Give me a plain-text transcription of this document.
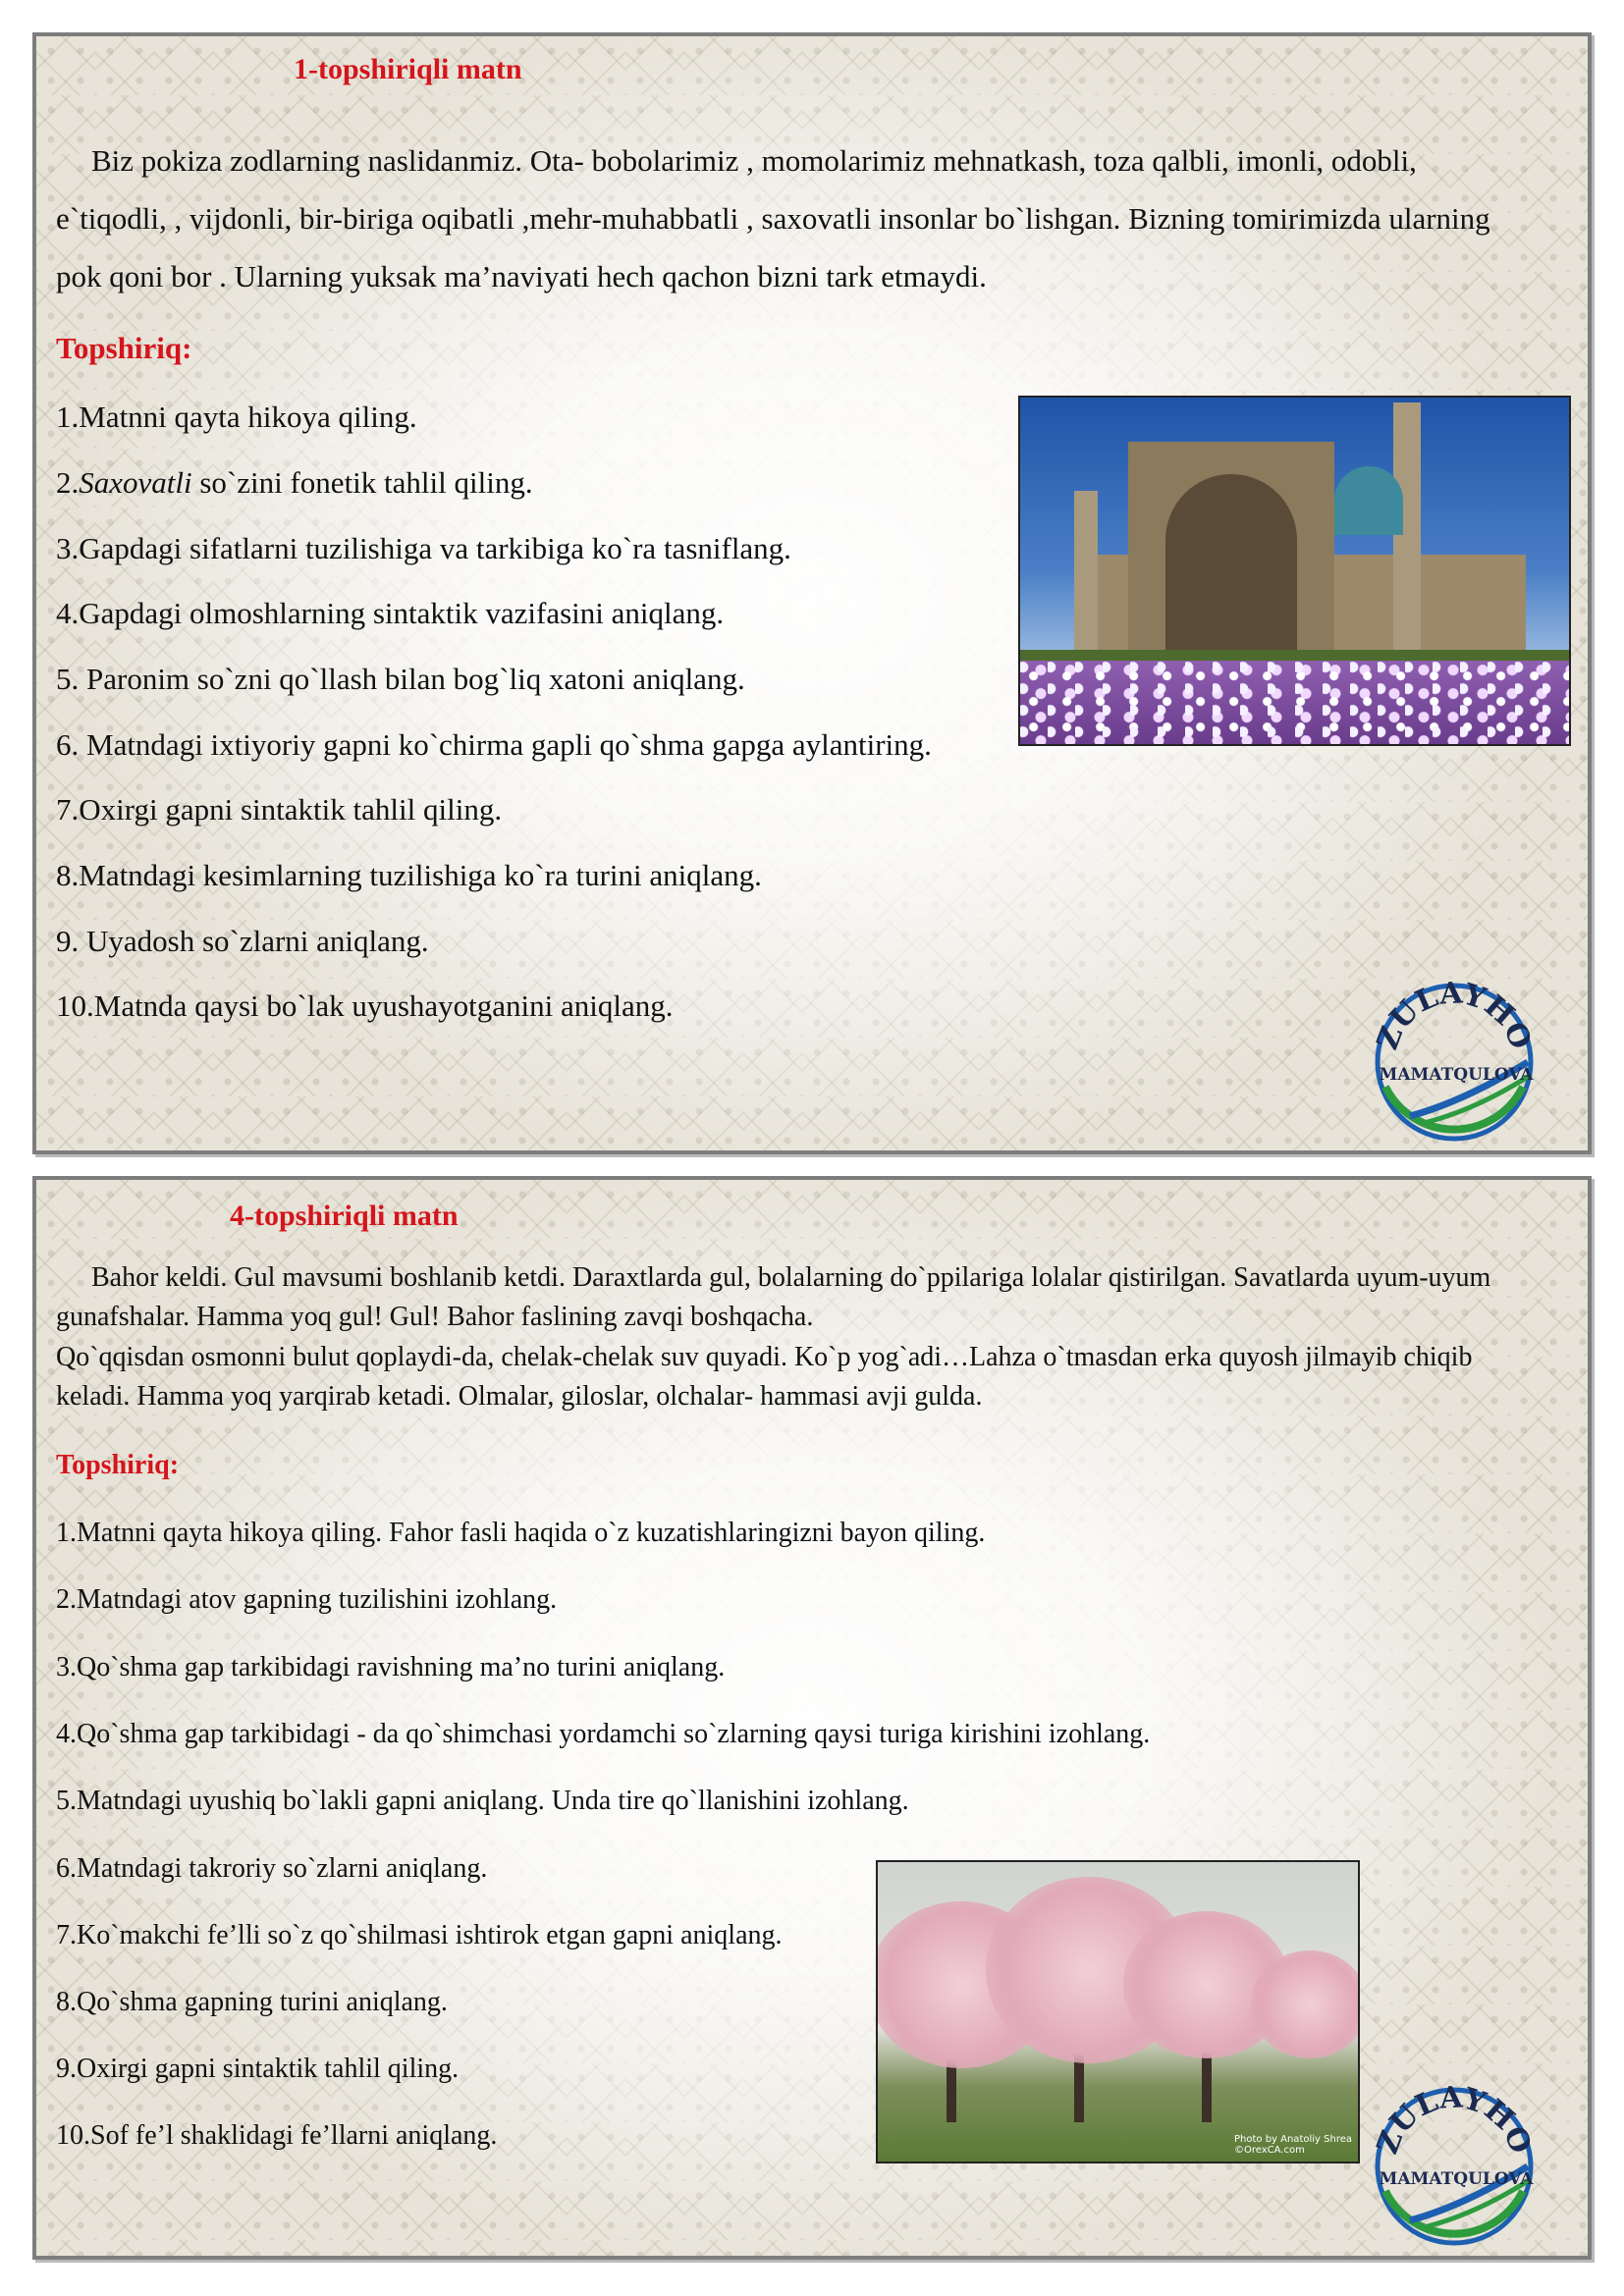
1-topshiriqli matn

Biz pokiza zodlarning naslidanmiz. Ota- bobolarimiz , momolarimiz mehnatkash, toza qalbli, imonli, odobli, e`tiqodli, , vijdonli, bir-biriga oqibatli ,mehr-muhabbatli , saxovatli insonlar bo`lishgan. Bizning tomirimizda ularning pok qoni bor . Ularning yuksak ma’naviyati hech qachon bizni tark etmaydi.

Topshiriq:
1.Matnni qayta hikoya qiling.
2.Saxovatli so`zini fonetik tahlil qiling.
3.Gapdagi sifatlarni tuzilishiga va tarkibiga ko`ra tasniflang.
4.Gapdagi olmoshlarning sintaktik vazifasini aniqlang.
5. Paronim so`zni qo`llash bilan bog`liq xatoni aniqlang.
6. Matndagi ixtiyoriy gapni ko`chirma gapli qo`shma gapga aylantiring.
7.Oxirgi gapni sintaktik tahlil qiling.
8.Matndagi kesimlarning tuzilishiga ko`ra turini aniqlang.
9. Uyadosh so`zlarni aniqlang.
10.Matnda qaysi bo`lak uyushayotganini aniqlang.
ZULAYHO
MAMATQULOVA
4-topshiriqli matn

Bahor keldi. Gul mavsumi boshlanib ketdi. Daraxtlarda gul, bolalarning do`ppilariga lolalar qistirilgan. Savatlarda uyum-uyum gunafshalar. Hamma yoq gul! Gul! Bahor faslining zavqi boshqacha.

Qo`qqisdan osmonni bulut qoplaydi-da, chelak-chelak suv quyadi. Ko`p yog`adi…Lahza o`tmasdan erka quyosh jilmayib chiqib keladi. Hamma yoq yarqirab ketadi. Olmalar, giloslar, olchalar- hammasi avji gulda.

Topshiriq:
1.Matnni qayta hikoya qiling. Fahor fasli haqida o`z kuzatishlaringizni bayon qiling.
2.Matndagi atov gapning tuzilishini izohlang.
3.Qo`shma gap tarkibidagi ravishning ma’no turini aniqlang.
4.Qo`shma gap tarkibidagi - da qo`shimchasi yordamchi so`zlarning qaysi turiga kirishini izohlang.
5.Matndagi uyushiq bo`lakli gapni aniqlang. Unda tire qo`llanishini izohlang.
6.Matndagi takroriy so`zlarni aniqlang.
7.Ko`makchi fe’lli so`z qo`shilmasi ishtirok etgan gapni aniqlang.
8.Qo`shma gapning turini aniqlang.
9.Oxirgi gapni sintaktik tahlil qiling.
10.Sof fe’l shaklidagi fe’llarni aniqlang.	Photo by Anatoliy Shrea
©OrexCA.com	ZULAYHO
MAMATQULOVA
